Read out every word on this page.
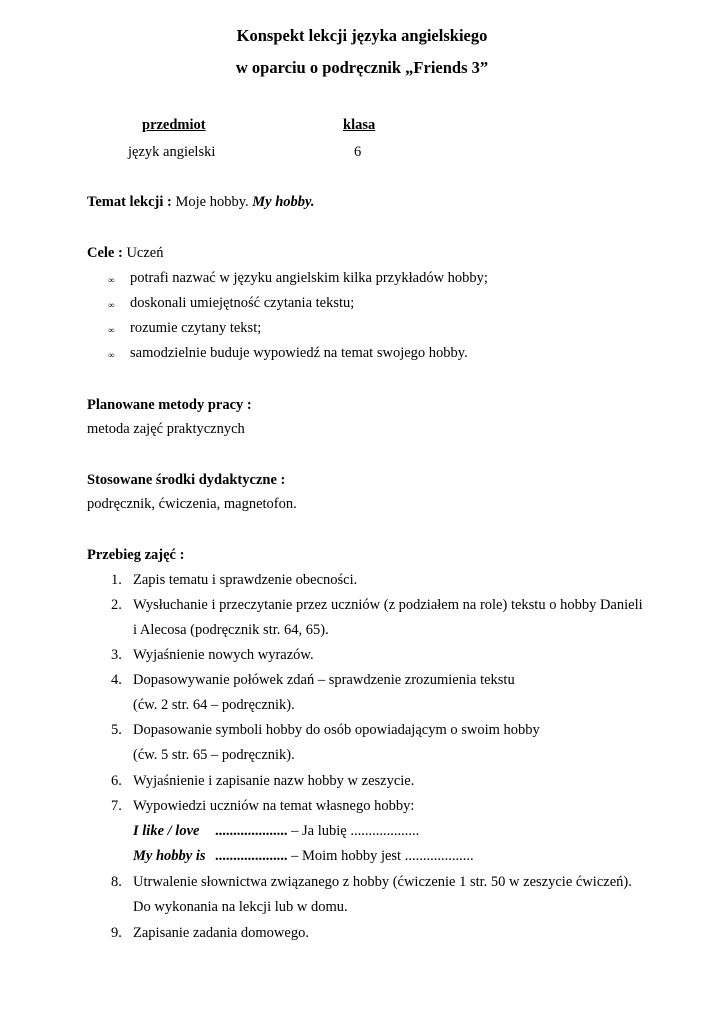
Konspekt lekcji języka angielskiego
w oparciu o podręcznik „Friends 3”
przedmiot	klasa
język angielski	6
Temat lekcji : Moje hobby. My hobby.
Cele : Uczeń
∞ potrafi nazwać w języku angielskim kilka przykładów hobby;
∞ doskonali umiejętność czytania tekstu;
∞ rozumie czytany tekst;
∞ samodzielnie buduje wypowiedź na temat swojego hobby.
Planowane metody pracy :
metoda zajęć praktycznych
Stosowane środki dydaktyczne :
podręcznik, ćwiczenia, magnetofon.
Przebieg zajęć :
1. Zapis tematu i sprawdzenie obecności.
2. Wysłuchanie i przeczytanie przez uczniów (z podziałem na role) tekstu o hobby Danieli
i Alecosa (podręcznik str. 64, 65).
3. Wyjaśnienie nowych wyrazów.
4. Dopasowywanie połówek zdań – sprawdzenie zrozumienia tekstu
(ćw. 2 str. 64 – podręcznik).
5. Dopasowanie symboli hobby do osób opowiadającym o swoim hobby
(ćw. 5 str. 65 – podręcznik).
6. Wyjaśnienie i zapisanie nazw hobby w zeszycie.
7. Wypowiedzi uczniów na temat własnego hobby:
I like / love .................... – Ja lubię ...................
My hobby is .................... – Moim hobby jest ...................
8. Utrwalenie słownictwa związanego z hobby (ćwiczenie 1 str. 50 w zeszycie ćwiczeń).
Do wykonania na lekcji lub w domu.
9. Zapisanie zadania domowego.
